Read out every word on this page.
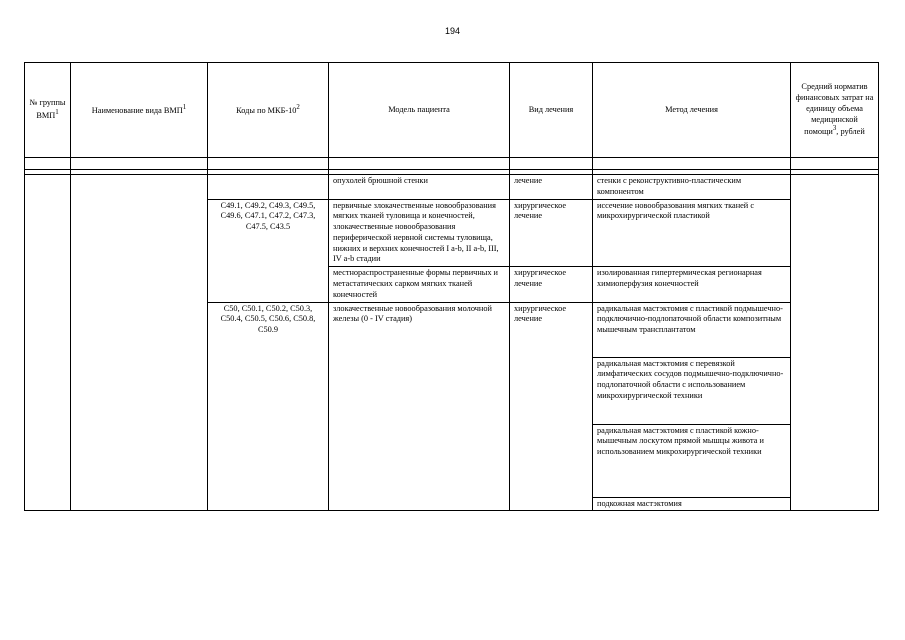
194
№ группы ВМП$^1$	Наименование вида ВМП$^1$	Коды по МКБ-$10^2$	Модель пациента	Вид лечения	Метод лечения	Средний норматив финансовых затрат на единицу объема медицинской помощи$^3$, рублей

			опухолей брюшной стенки	лечение	стенки с реконструктивно-пластическим компонентом	
		C49.1, C49.2, C49.3, C49.5, C49.6, C47.1, C47.2, C47.3, C47.5, C43.5	первичные злокачественные новообразования мягких тканей туловища и конечностей, злокачественные новообразования периферической нервной системы туловища, нижних и верхних конечностей I a-b, II a-b, III, IV a-b стадии	хирургическое лечение	иссечение новообразования мягких тканей с микрохирургической пластикой	
			местнораспространенные формы первичных и метастатических сарком мягких тканей конечностей	хирургическое лечение	изолированная гипертермическая регионарная химиоперфузия конечностей	
		C50, C50.1, C50.2, C50.3, C50.4, C50.5, C50.6, C50.8, C50.9	злокачественные новообразования молочной железы (0 - IV стадия)	хирургическое лечение	радикальная мастэктомия с пластикой подмышечно-подключично-подлопаточной области композитным мышечным трансплантатом	
					радикальная мастэктомия с перевязкой лимфатических сосудов подмышечно-подключично-подлопаточной области с использованием микрохирургической техники	
					радикальная мастэктомия с пластикой кожно-мышечным лоскутом прямой мышцы живота и использованием микрохирургической техники	
					подкожная мастэктомия	
